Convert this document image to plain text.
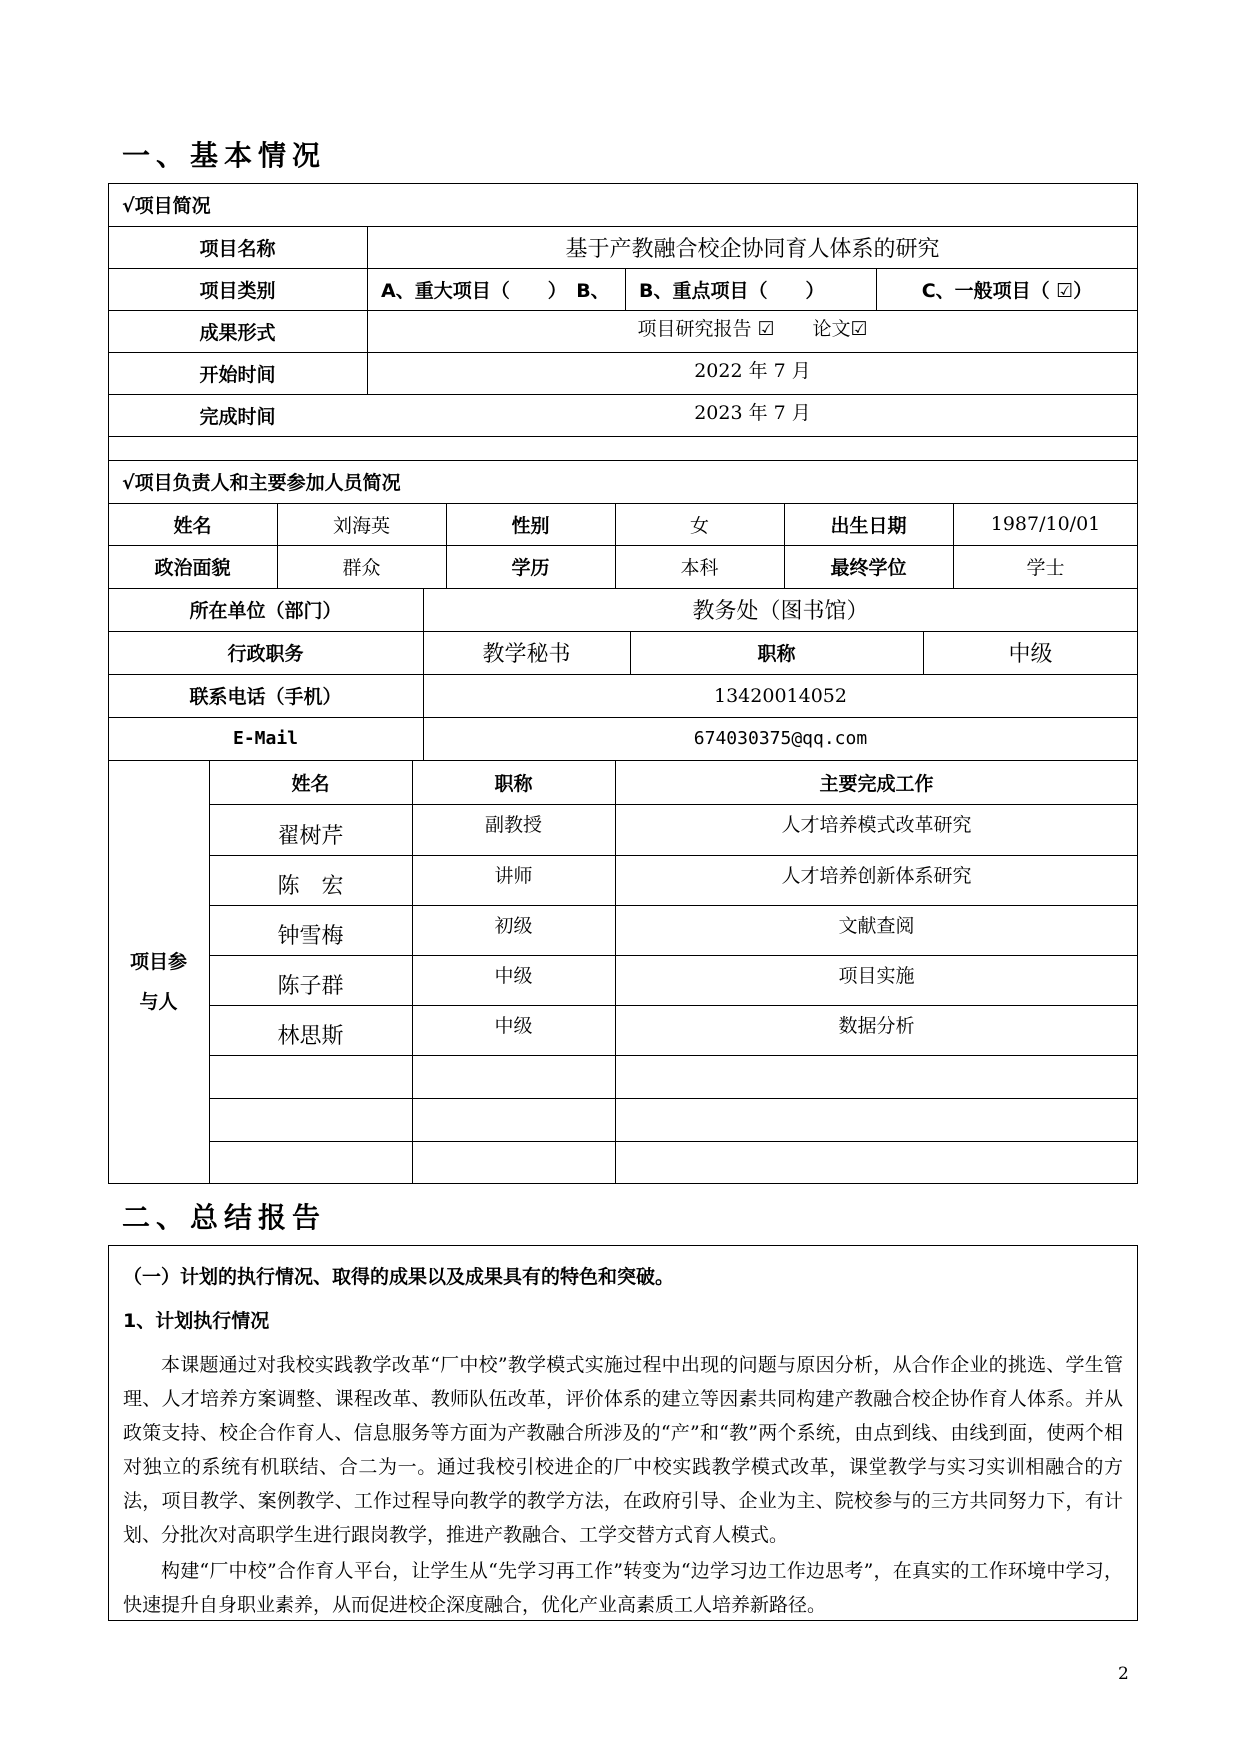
一、基本情况
√项目简况
项目名称	基于产教融合校企协同育人体系的研究
项目类别	A、重大项目（　　）　B、	B、重点项目（　　）	C、一般项目（ ☑）
成果形式	项目研究报告 ☑　　论文☑
开始时间	2022 年 7 月
完成时间	2023 年 7 月
√项目负责人和主要参加人员简况
姓名	刘海英	性别	女	出生日期	1987/10/01
政治面貌	群众	学历	本科	最终学位	学士
所在单位（部门）	教务处（图书馆）
行政职务	教学秘书	职称	中级
联系电话（手机）	13420014052
E-Mail	674030375@qq.com
项目参
与人
姓名	职称	主要完成工作
翟树芹	副教授	人才培养模式改革研究
陈　宏	讲师	人才培养创新体系研究
钟雪梅	初级	文献查阅
陈子群	中级	项目实施
林思斯	中级	数据分析
二、总结报告
（一）计划的执行情况、取得的成果以及成果具有的特色和突破。
1、计划执行情况
本课题通过对我校实践教学改革“厂中校”教学模式实施过程中出现的问题与原因分析，从合作企业的挑选、学生管理、人才培养方案调整、课程改革、教师队伍改革，评价体系的建立等因素共同构建产教融合校企协作育人体系。并从政策支持、校企合作育人、信息服务等方面为产教融合所涉及的“产”和“教”两个系统，由点到线、由线到面，使两个相对独立的系统有机联结、合二为一。通过我校引校进企的厂中校实践教学模式改革，课堂教学与实习实训相融合的方法，项目教学、案例教学、工作过程导向教学的教学方法，在政府引导、企业为主、院校参与的三方共同努力下，有计划、分批次对高职学生进行跟岗教学，推进产教融合、工学交替方式育人模式。
构建“厂中校”合作育人平台，让学生从“先学习再工作”转变为“边学习边工作边思考”，在真实的工作环境中学习，快速提升自身职业素养，从而促进校企深度融合，优化产业高素质工人培养新路径。
2
